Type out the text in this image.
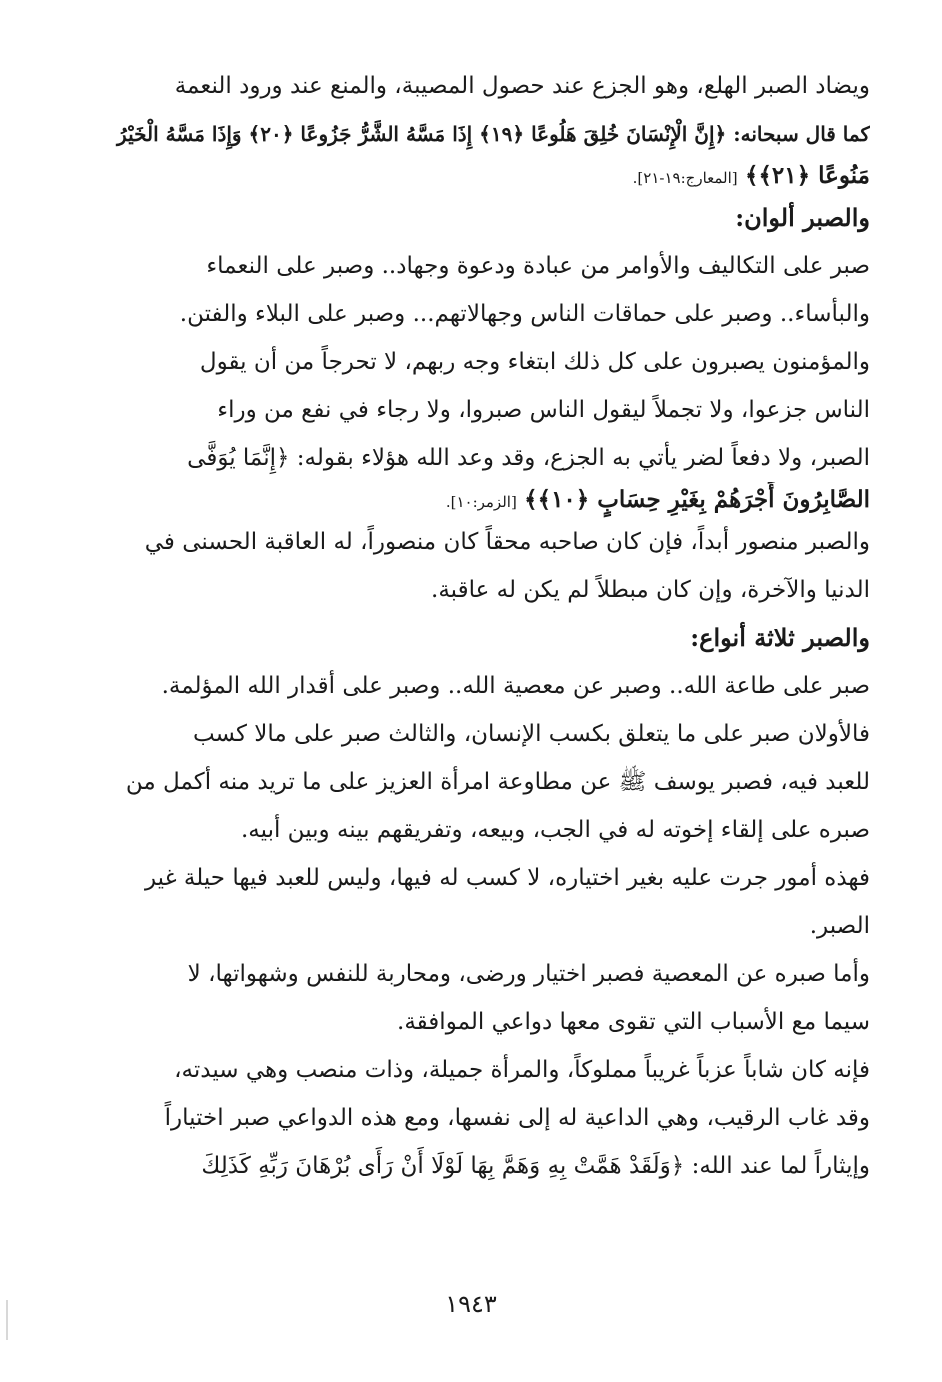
ويضاد الصبر الهلع، وهو الجزع عند حصول المصيبة، والمنع عند ورود النعمة
كما قال سبحانه: ﴿إِنَّ الْإِنْسَانَ خُلِقَ هَلُوعًا ﴿١٩﴾ إِذَا مَسَّهُ الشَّرُّ جَزُوعًا ﴿٢٠﴾ وَإِذَا مَسَّهُ الْخَيْرُ
مَنُوعًا ﴿٢١﴾﴾ [المعارج:١٩-٢١].
والصبر ألوان:
صبر على التكاليف والأوامر من عبادة ودعوة وجهاد.. وصبر على النعماء
والبأساء.. وصبر على حماقات الناس وجهالاتهم... وصبر على البلاء والفتن.
والمؤمنون يصبرون على كل ذلك ابتغاء وجه ربهم، لا تحرجاً من أن يقول
الناس جزعوا، ولا تجملاً ليقول الناس صبروا، ولا رجاء في نفع من وراء
الصبر، ولا دفعاً لضر يأتي به الجزع، وقد وعد الله هؤلاء بقوله: ﴿إِنَّمَا يُوَفَّى
الصَّابِرُونَ أَجْرَهُمْ بِغَيْرِ حِسَابٍ ﴿١٠﴾﴾ [الزمر:١٠].
والصبر منصور أبداً، فإن كان صاحبه محقاً كان منصوراً، له العاقبة الحسنى في
الدنيا والآخرة، وإن كان مبطلاً لم يكن له عاقبة.
والصبر ثلاثة أنواع:
صبر على طاعة الله.. وصبر عن معصية الله.. وصبر على أقدار الله المؤلمة.
فالأولان صبر على ما يتعلق بكسب الإنسان، والثالث صبر على مالا كسب
للعبد فيه، فصبر يوسف ﷺ عن مطاوعة امرأة العزيز على ما تريد منه أكمل من
صبره على إلقاء إخوته له في الجب، وبيعه، وتفريقهم بينه وبين أبيه.
فهذه أمور جرت عليه بغير اختياره، لا كسب له فيها، وليس للعبد فيها حيلة غير
الصبر.
وأما صبره عن المعصية فصبر اختيار ورضى، ومحاربة للنفس وشهواتها، لا
سيما مع الأسباب التي تقوى معها دواعي الموافقة.
فإنه كان شاباً عزباً غريباً مملوكاً، والمرأة جميلة، وذات منصب وهي سيدته،
وقد غاب الرقيب، وهي الداعية له إلى نفسها، ومع هذه الدواعي صبر اختياراً
وإيثاراً لما عند الله: ﴿وَلَقَدْ هَمَّتْ بِهِ وَهَمَّ بِهَا لَوْلَا أَنْ رَأَى بُرْهَانَ رَبِّهِ كَذَلِكَ
١٩٤٣
